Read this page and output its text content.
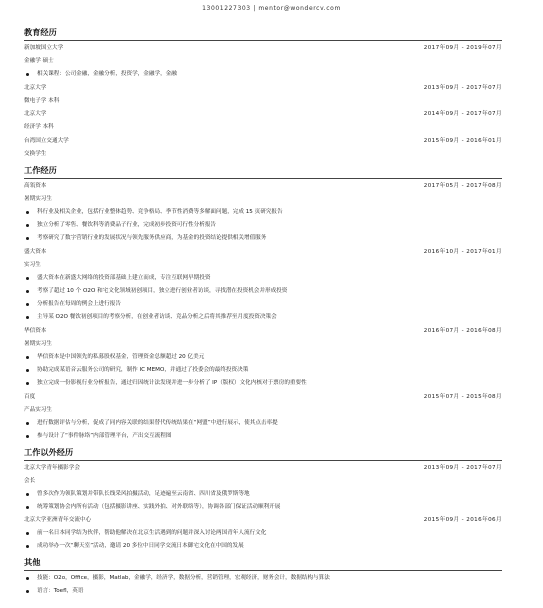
13001227303 | mentor@wondercv.com
教育经历
新加坡国立大学	2017年09月 - 2019年07月
金融学 硕士
相关课程：公司金融，金融分析，投资学，金融学，金融
北京大学	2013年09月 - 2017年07月
微电子学 本科
北京大学	2014年09月 - 2017年07月
经济学 本科
台湾国立交通大学	2015年09月 - 2016年01月
交换学生
工作经历
高瓴资本	2017年05月 - 2017年08月
暑期实习生
科行业及相关企业，包括行业整体趋势、竞争格局、季节性消费等多解面问题，完成 15 页研究报告
独立分析了零售、餐饮科等消费品子行业，完成初步投资可行性分析报告
考察研究了数字营销行业的发展状况与领先服务供应商，为基金的投资结论提供相关增值服务
盛大资本	2016年10月 - 2017年01月
实习生
盛大资本在新盛大网络的投资部基础上建立而成，专注互联网早期投资
考察了超过 10 个 O2O 和宅文化领域初创项目，独立进行创业者访谈，寻找潜在投资机会并形成投资
分析报告在每周的例会上进行报告
主导某 O2O 餐饮初创项目的考察分析，在创业者访谈、竞品分析之后将其推荐至月度投资决策会
华信资本	2016年07月 - 2016年08月
暑期实习生
华信资本是中国领先的私募股权基金，管理资金总额超过 20 亿美元
协助完成某语音云服务公司的研究，制作 IC MEMO，并通过了投委会的最终投资决策
独立完成一份影视行业分析报告，通过归因统计法发现并进一步分析了 IP（版权）文化内核对于票房的重要性
百度	2015年07月 - 2015年08月
产品实习生
进行数据评估与分析，促成了同内容关联的结果替代传统结果在“网盟”中进行展示，使其点击率提
参与设计了“事件脉络”内部管理平台，产出交互流程图
工作以外经历
北京大学青年摄影学会	2013年09月 - 2017年07月
会长
曾多次作为领队策划并带队长线采风拍摄活动，足迹遍至云南省、四川省及俄罗斯等地
统筹策划协会内所有活动（包括摄影讲座、实践外拍、对外联络等），协调各部门保证活动顺利开展
北京大学亚洲青年交流中心	2015年09月 - 2016年06月
前一名日本同学结为伙伴，帮助他解决在北京生活遇到的问题并深入讨论两国青年人流行文化
成功举办一次“聊天室”活动，邀请 20 多位中日同学交流日本御宅文化在中国的发展
其他
技能：O2o，Office，摄影，Matlab，金融学，经济学，数据分析，营销管理，宏观经济，财务会计，数据结构与算法
语言：Toefl，英语
